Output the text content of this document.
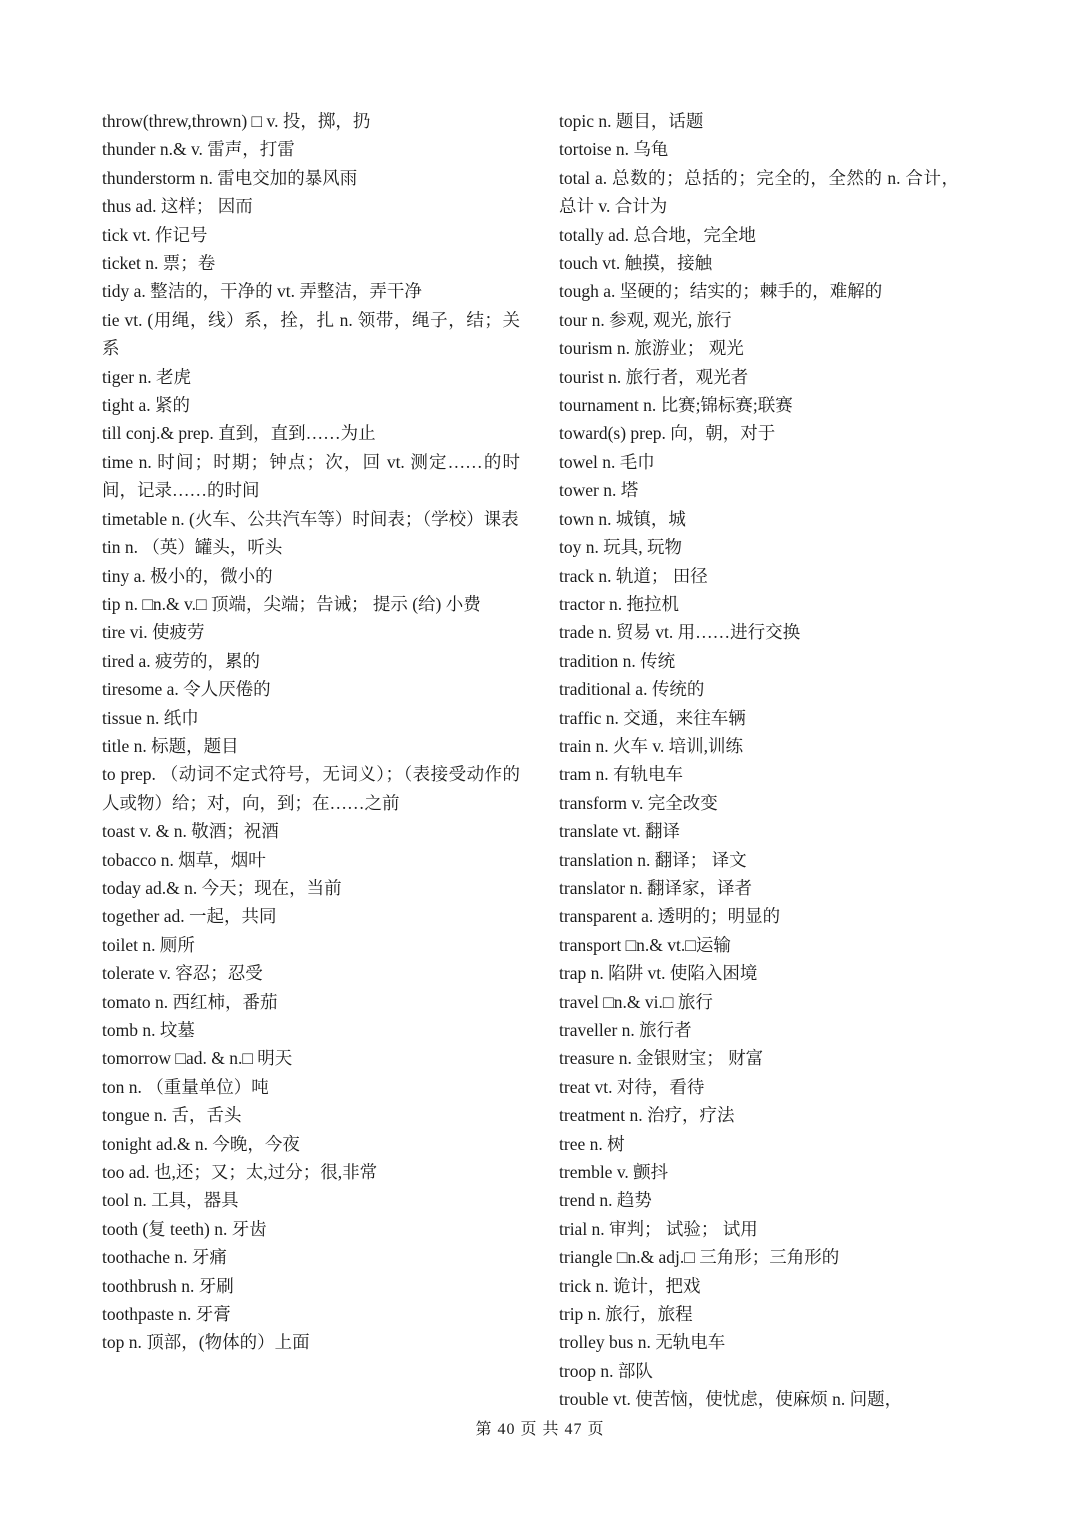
throw(threw,thrown) □ v. 投，掷，扔

thunder n.& v. 雷声，打雷

thunderstorm n. 雷电交加的暴风雨

thus ad. 这样； 因而

tick vt. 作记号

ticket n. 票；卷

tidy a. 整洁的，干净的 vt. 弄整洁，弄干净

tie vt. (用绳，线）系，拴，扎 n. 领带，绳子，结；关系

tiger n. 老虎

tight a. 紧的

till conj.& prep. 直到，直到……为止

time n. 时间；时期；钟点；次，回 vt. 测定……的时间，记录……的时间

timetable n. (火车、公共汽车等）时间表；（学校）课表

tin n. （英）罐头，听头

tiny a. 极小的，微小的

tip n. □n.& v.□ 顶端，尖端；告诫； 提示 (给) 小费

tire vi. 使疲劳

tired a. 疲劳的，累的

tiresome a. 令人厌倦的

tissue n. 纸巾

title n. 标题，题目

to prep. （动词不定式符号，无词义）；（表接受动作的人或物）给；对，向，到；在……之前

toast v. & n. 敬酒；祝酒

tobacco n. 烟草，烟叶

today ad.& n. 今天；现在，当前

together ad. 一起，共同

toilet n. 厕所

tolerate v. 容忍；忍受

tomato n. 西红柿，番茄

tomb n. 坟墓

tomorrow □ad. & n.□ 明天

ton n. （重量单位）吨

tongue n. 舌，舌头

tonight ad.& n. 今晚，今夜

too ad. 也,还；又；太,过分；很,非常

tool n. 工具，器具

tooth (复 teeth) n. 牙齿

toothache n. 牙痛

toothbrush n. 牙刷

toothpaste n. 牙膏

top n. 顶部，(物体的）上面

topic n. 题目，话题

tortoise n. 乌龟

total a. 总数的；总括的；完全的，全然的 n. 合计，总计 v. 合计为

totally ad. 总合地，完全地

touch vt. 触摸，接触

tough a. 坚硬的；结实的；棘手的，难解的

tour n. 参观, 观光, 旅行

tourism n. 旅游业； 观光

tourist n. 旅行者，观光者

tournament n. 比赛;锦标赛;联赛

toward(s) prep. 向，朝，对于

towel n. 毛巾

tower n. 塔

town n. 城镇，城

toy n. 玩具, 玩物

track n. 轨道； 田径

tractor n. 拖拉机

trade n. 贸易 vt. 用……进行交换

tradition n. 传统

traditional a. 传统的

traffic n. 交通，来往车辆

train n. 火车 v. 培训,训练

tram n. 有轨电车

transform v. 完全改变

translate vt. 翻译

translation n. 翻译； 译文

translator n. 翻译家，译者

transparent a. 透明的；明显的

transport □n.& vt.□运输

trap n. 陷阱 vt. 使陷入困境

travel □n.& vi.□ 旅行

traveller n. 旅行者

treasure n. 金银财宝； 财富

treat vt. 对待，看待

treatment n. 治疗，疗法

tree n. 树

tremble v. 颤抖

trend n. 趋势

trial n. 审判； 试验； 试用

triangle □n.& adj.□ 三角形；三角形的

trick n. 诡计，把戏

trip n. 旅行，旅程

trolley bus n. 无轨电车

troop n. 部队

trouble vt. 使苦恼，使忧虑，使麻烦 n. 问题，

第 40 页 共 47 页
